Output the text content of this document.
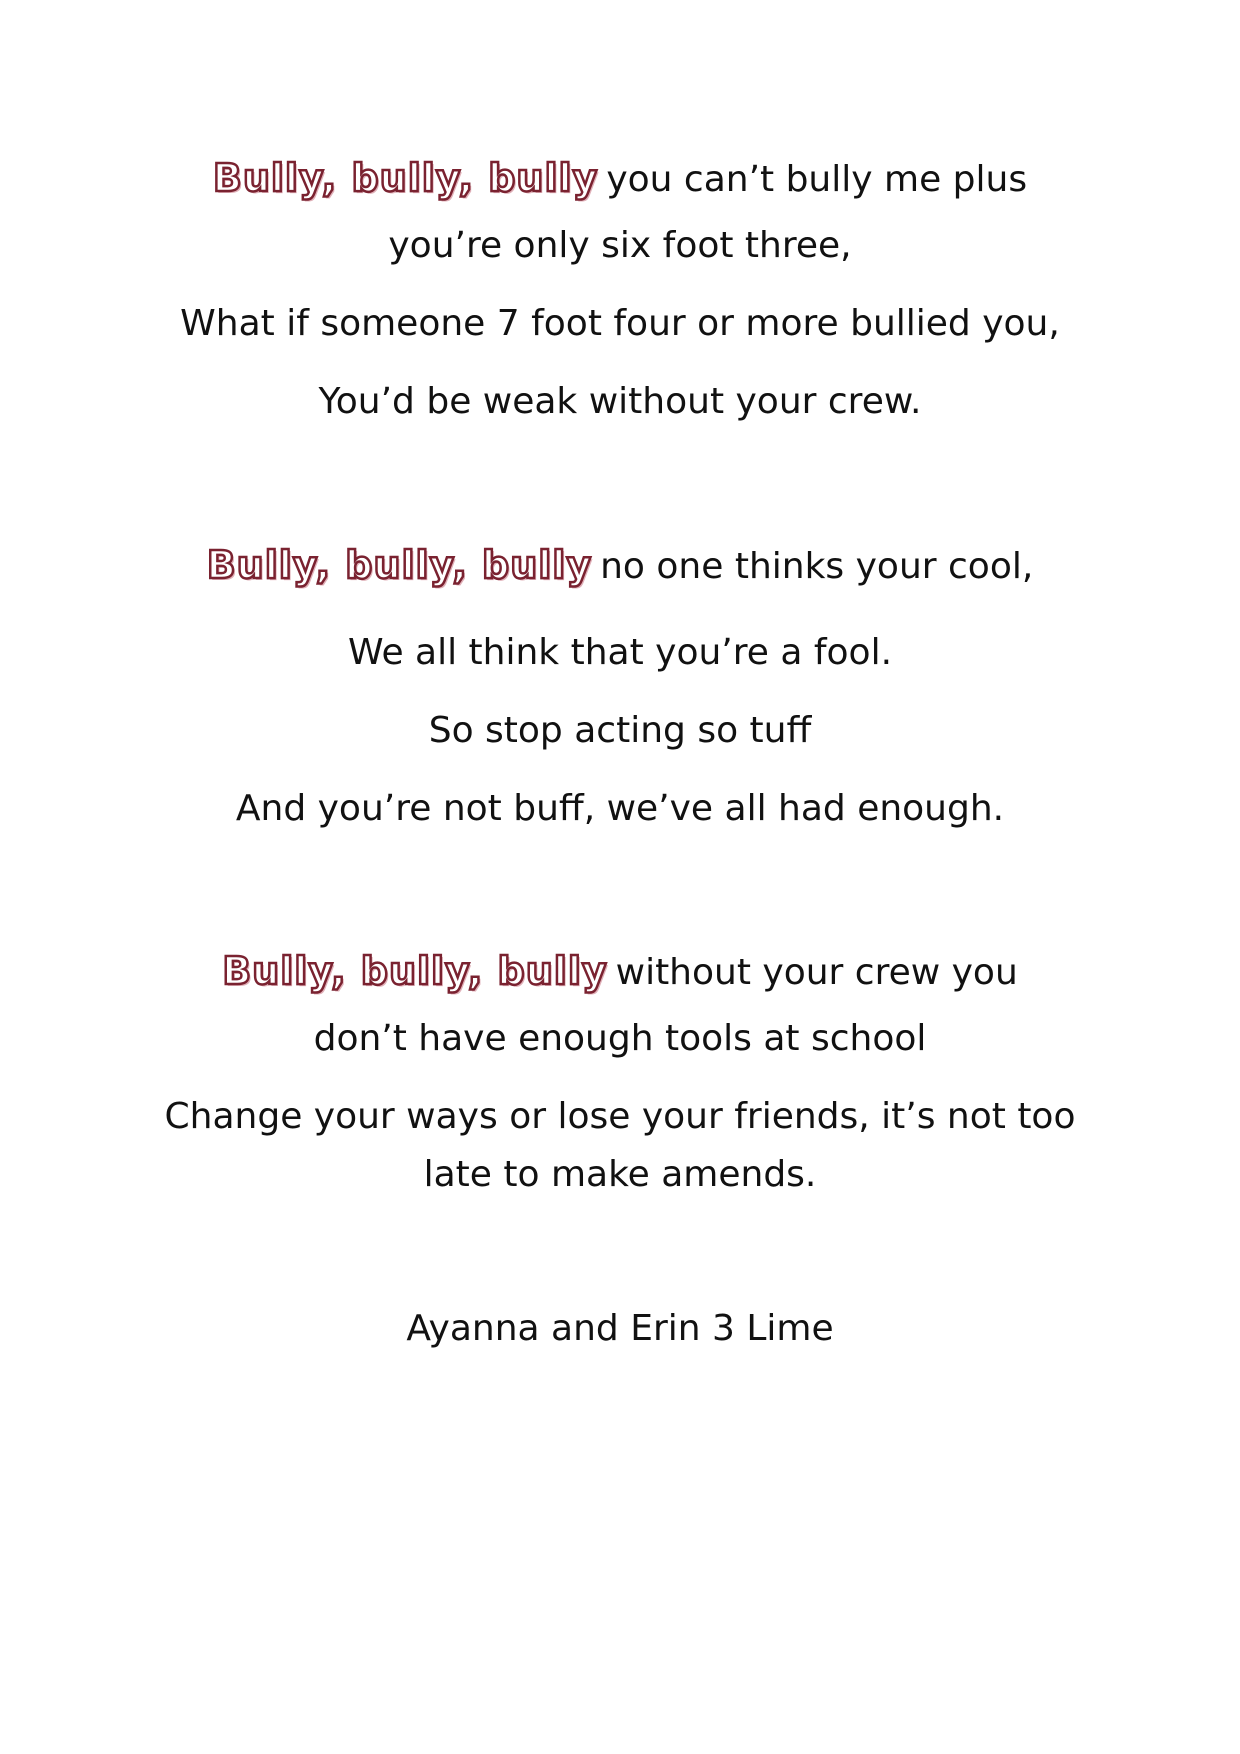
Bully, bully, bully you can’t bully me plus
you’re only six foot three,
What if someone 7 foot four or more bullied you,
You’d be weak without your crew.
Bully, bully, bully no one thinks your cool,
We all think that you’re a fool.
So stop acting so tuff
And you’re not buff, we’ve all had enough.
Bully, bully, bully without your crew you
don’t have enough tools at school
Change your ways or lose your friends, it’s not too
late to make amends.
Ayanna and Erin 3 Lime
